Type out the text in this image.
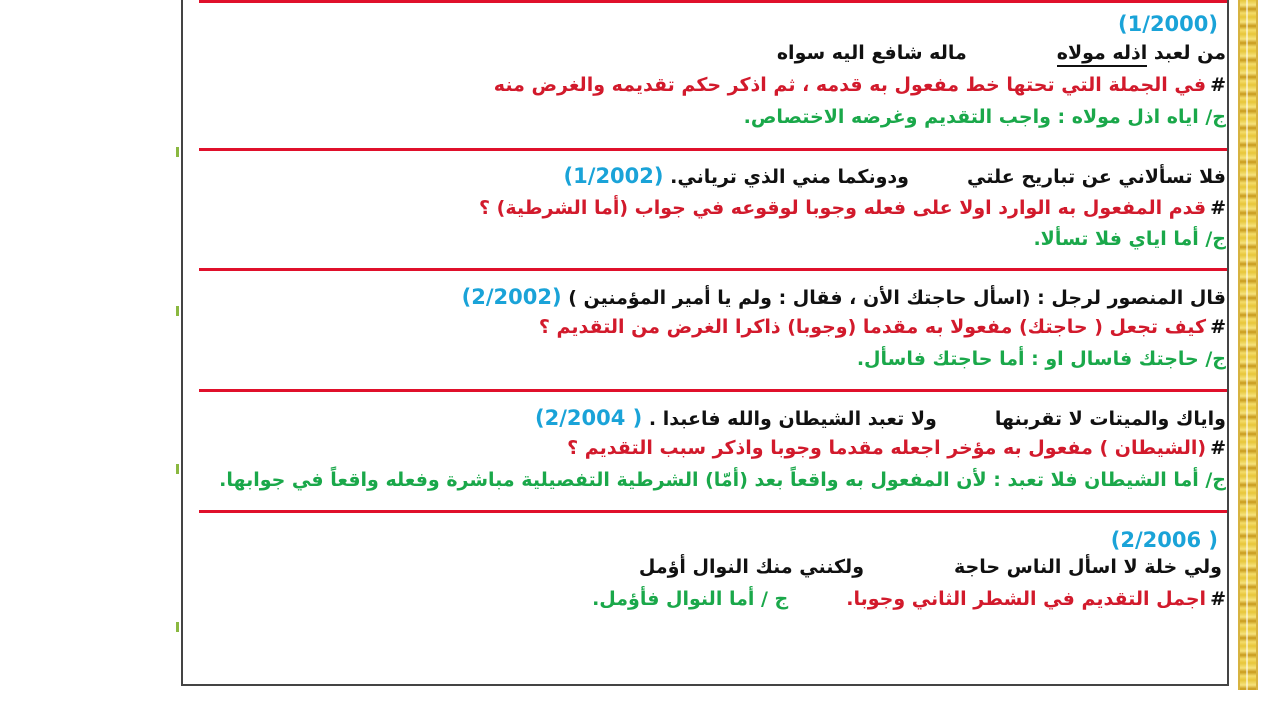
(1/2000)
من لعبد اذله مولاهماله شافع اليه سواه
#في الجملة التي تحتها خط مفعول به قدمه ، ثم اذكر حكم تقديمه والغرض منه
ج/ اياه اذل مولاه : واجب التقديم وغرضه الاختصاص.
فلا تسألاني عن تباريح علتيودونكما مني الذي ترياني. (1/2002)
#قدم المفعول به الوارد اولا على فعله وجوبا لوقوعه في جواب (أما الشرطية) ؟
ج/ أما اياي فلا تسألا.
قال المنصور لرجل : (اسأل حاجتك الأن ، فقال : ولم يا أمير المؤمنين ) (2/2002)
#كيف تجعل ( حاجتك) مفعولا به مقدما (وجوبا) ذاكرا الغرض من التقديم ؟
ج/ حاجتك فاسال او : أما حاجتك فاسأل.
واياك والميتات لا تقربنهاولا تعبد الشيطان والله فاعبدا . ( 2/2004)
#(الشيطان ) مفعول به مؤخر اجعله مقدما وجوبا واذكر سبب التقديم ؟
ج/ أما الشيطان فلا تعبد : لأن المفعول به واقعاً بعد (أمّا) الشرطية التفصيلية مباشرة وفعله واقعاً في جوابها.
( 2/2006)
ولي خلة لا اسأل الناس حاجةولكنني منك النوال أؤمل
#اجمل التقديم في الشطر الثاني وجوبا.ج / أما النوال فأؤمل.
